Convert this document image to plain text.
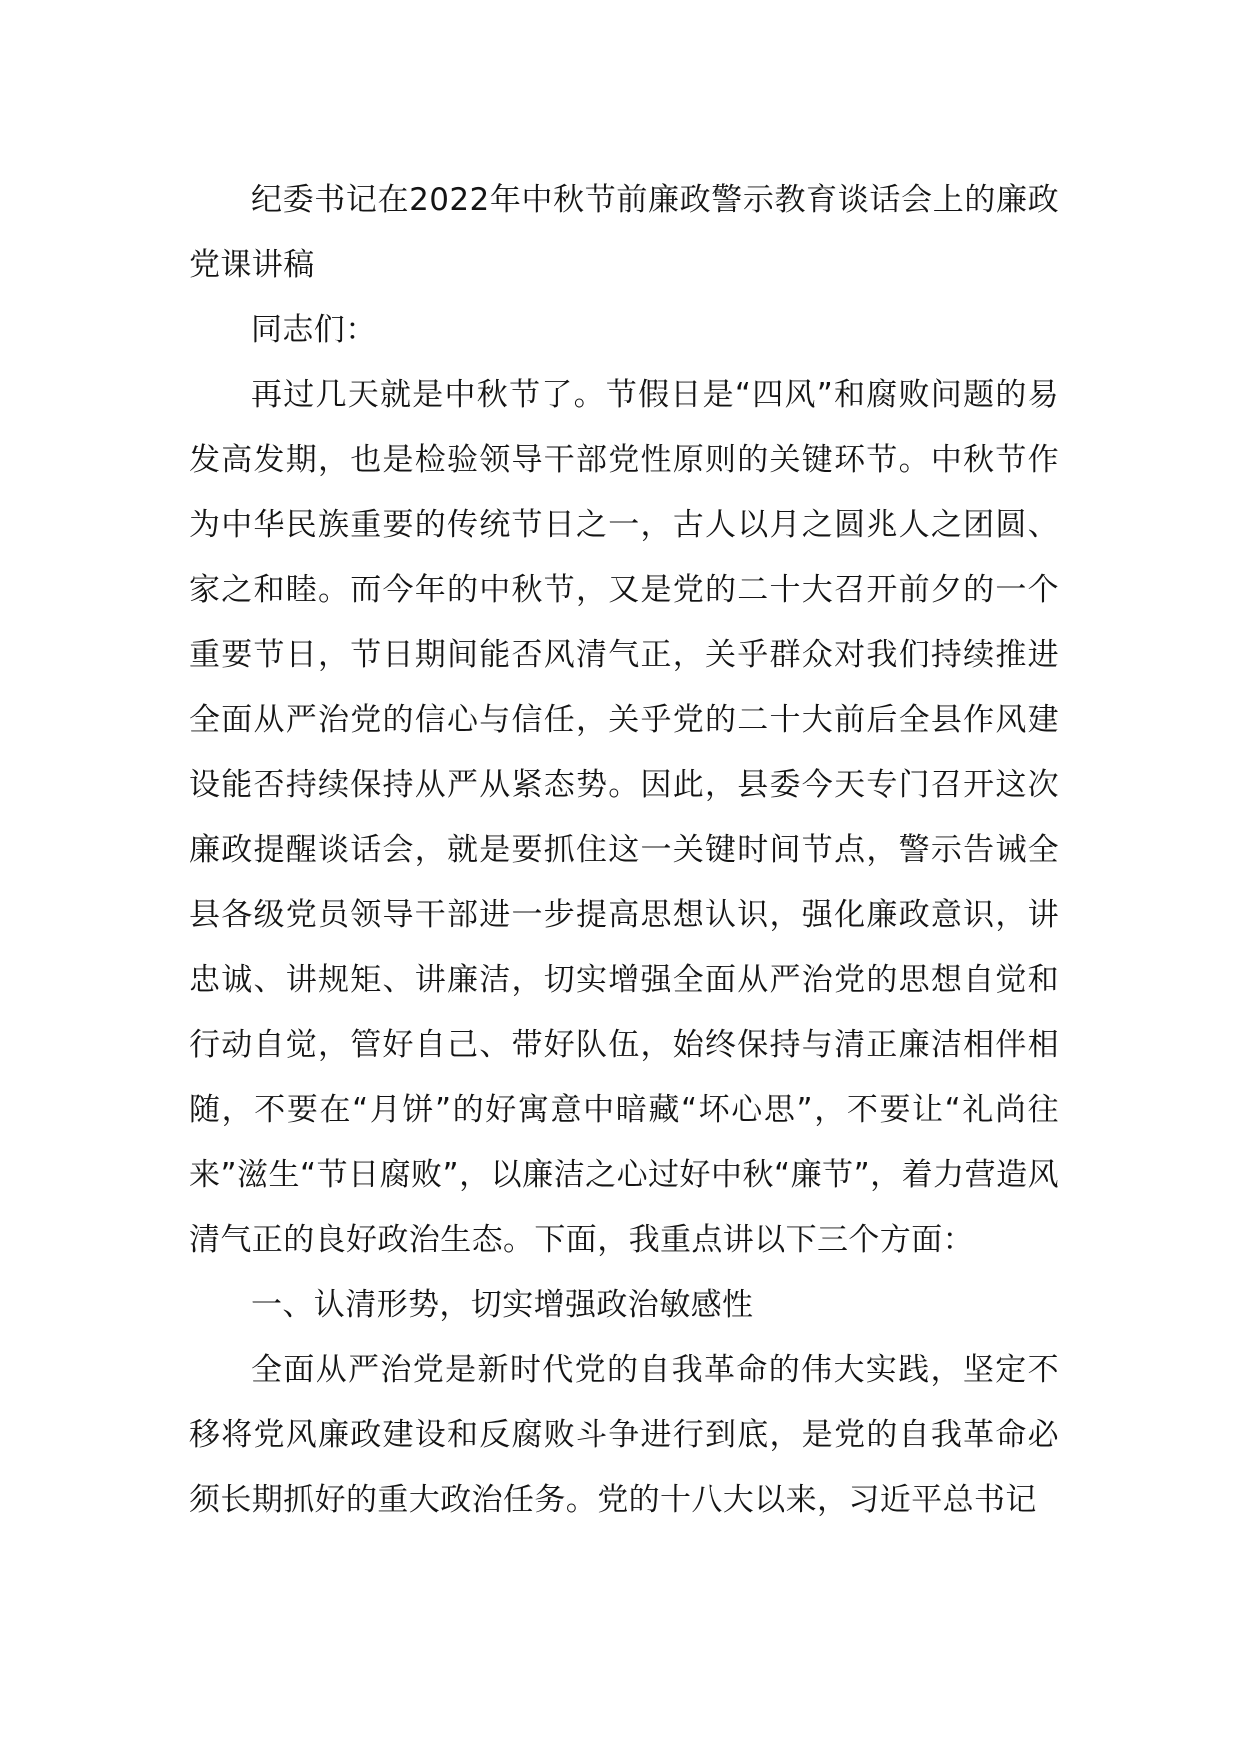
纪委书记在2022年中秋节前廉政警示教育谈话会上的廉政党课讲稿

同志们：

再过几天就是中秋节了。节假日是“四风”和腐败问题的易发高发期，也是检验领导干部党性原则的关键环节。中秋节作为中华民族重要的传统节日之一，古人以月之圆兆人之团圆、家之和睦。而今年的中秋节，又是党的二十大召开前夕的一个重要节日，节日期间能否风清气正，关乎群众对我们持续推进全面从严治党的信心与信任，关乎党的二十大前后全县作风建设能否持续保持从严从紧态势。因此，县委今天专门召开这次廉政提醒谈话会，就是要抓住这一关键时间节点，警示告诫全县各级党员领导干部进一步提高思想认识，强化廉政意识，讲忠诚、讲规矩、讲廉洁，切实增强全面从严治党的思想自觉和行动自觉，管好自己、带好队伍，始终保持与清正廉洁相伴相随，不要在“月饼”的好寓意中暗藏“坏心思”，不要让“礼尚往来”滋生“节日腐败”，以廉洁之心过好中秋“廉节”，着力营造风清气正的良好政治生态。下面，我重点讲以下三个方面：

一、认清形势，切实增强政治敏感性

全面从严治党是新时代党的自我革命的伟大实践，坚定不移将党风廉政建设和反腐败斗争进行到底，是党的自我革命必须长期抓好的重大政治任务。党的十八大以来，习近平总书记
